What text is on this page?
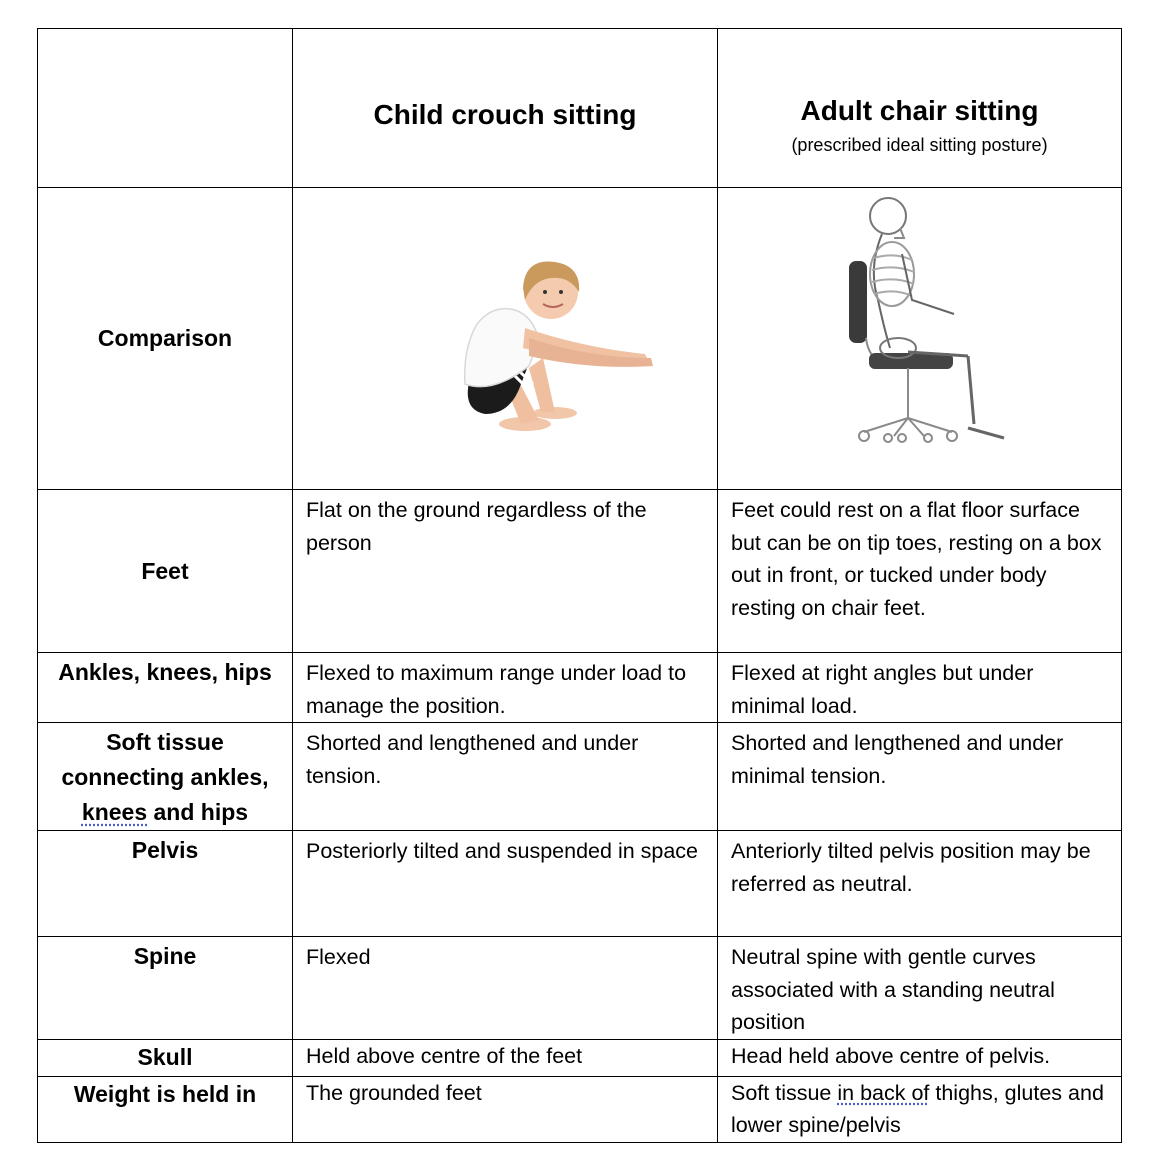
	Child crouch sitting	Adult chair sitting
(prescribed ideal sitting posture)

Comparison

Feet	Flat on the ground regardless of the person	Feet could rest on a flat floor surface but can be on tip toes, resting on a box out in front, or tucked under body resting on chair feet.

Ankles, knees, hips	Flexed to maximum range under load to manage the position.	Flexed at right angles but under minimal load.

Soft tissue
connecting ankles,
knees and hips	Shorted and lengthened and under tension.	Shorted and lengthened and under minimal tension.

Pelvis	Posteriorly tilted and suspended in space	Anteriorly tilted pelvis position may be referred as neutral.

Spine	Flexed	Neutral spine with gentle curves associated with a standing neutral position

Skull	Held above centre of the feet	Head held above centre of pelvis.

Weight is held in	The grounded feet	Soft tissue in back of thighs, glutes and lower spine/pelvis
